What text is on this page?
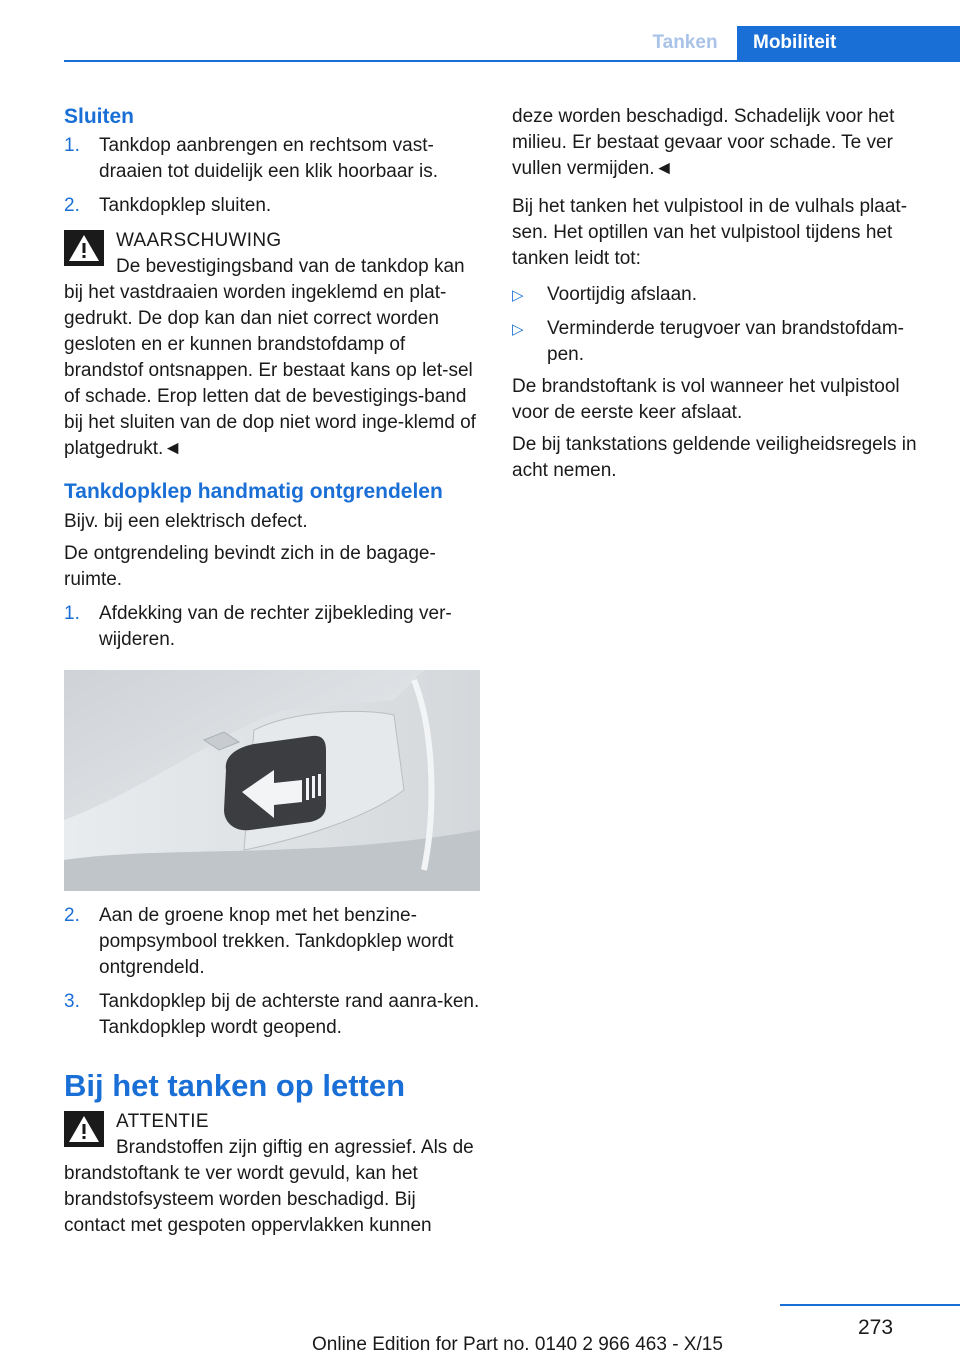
Tanken	Mobiliteit
Sluiten
1. Tankdop aanbrengen en rechtsom vast‐draaien tot duidelijk een klik hoorbaar is.
2. Tankdopklep sluiten.
WAARSCHUWING
De bevestigingsband van de tankdop kan bij het vastdraaien worden ingeklemd en plat‐gedrukt. De dop kan dan niet correct worden gesloten en er kunnen brandstofdamp of brandstof ontsnappen. Er bestaat kans op let‐sel of schade. Erop letten dat de bevestigings‐band bij het sluiten van de dop niet word inge‐klemd of platgedrukt.◄
Tankdopklep handmatig ontgrendelen

Bijv. bij een elektrisch defect.

De ontgrendeling bevindt zich in de bagage‐ruimte.

1. Afdekking van de rechter zijbekleding ver‐wijderen.
2. Aan de groene knop met het benzine‐pompsymbool trekken. Tankdopklep wordt ontgrendeld.
3. Tankdopklep bij de achterste rand aanra‐ken. Tankdopklep wordt geopend.
Bij het tanken op letten
ATTENTIE
Brandstoffen zijn giftig en agressief. Als de brandstoftank te ver wordt gevuld, kan het brandstofsysteem worden beschadigd. Bij contact met gespoten oppervlakken kunnen

deze worden beschadigd. Schadelijk voor het milieu. Er bestaat gevaar voor schade. Te ver vullen vermijden.◄

Bij het tanken het vulpistool in de vulhals plaat‐sen. Het optillen van het vulpistool tijdens het tanken leidt tot:

▷ Voortijdig afslaan.
▷ Verminderde terugvoer van brandstofdam‐pen.

De brandstoftank is vol wanneer het vulpistool voor de eerste keer afslaat.

De bij tankstations geldende veiligheidsregels in acht nemen.

273
Online Edition for Part no. 0140 2 966 463 - X/15
